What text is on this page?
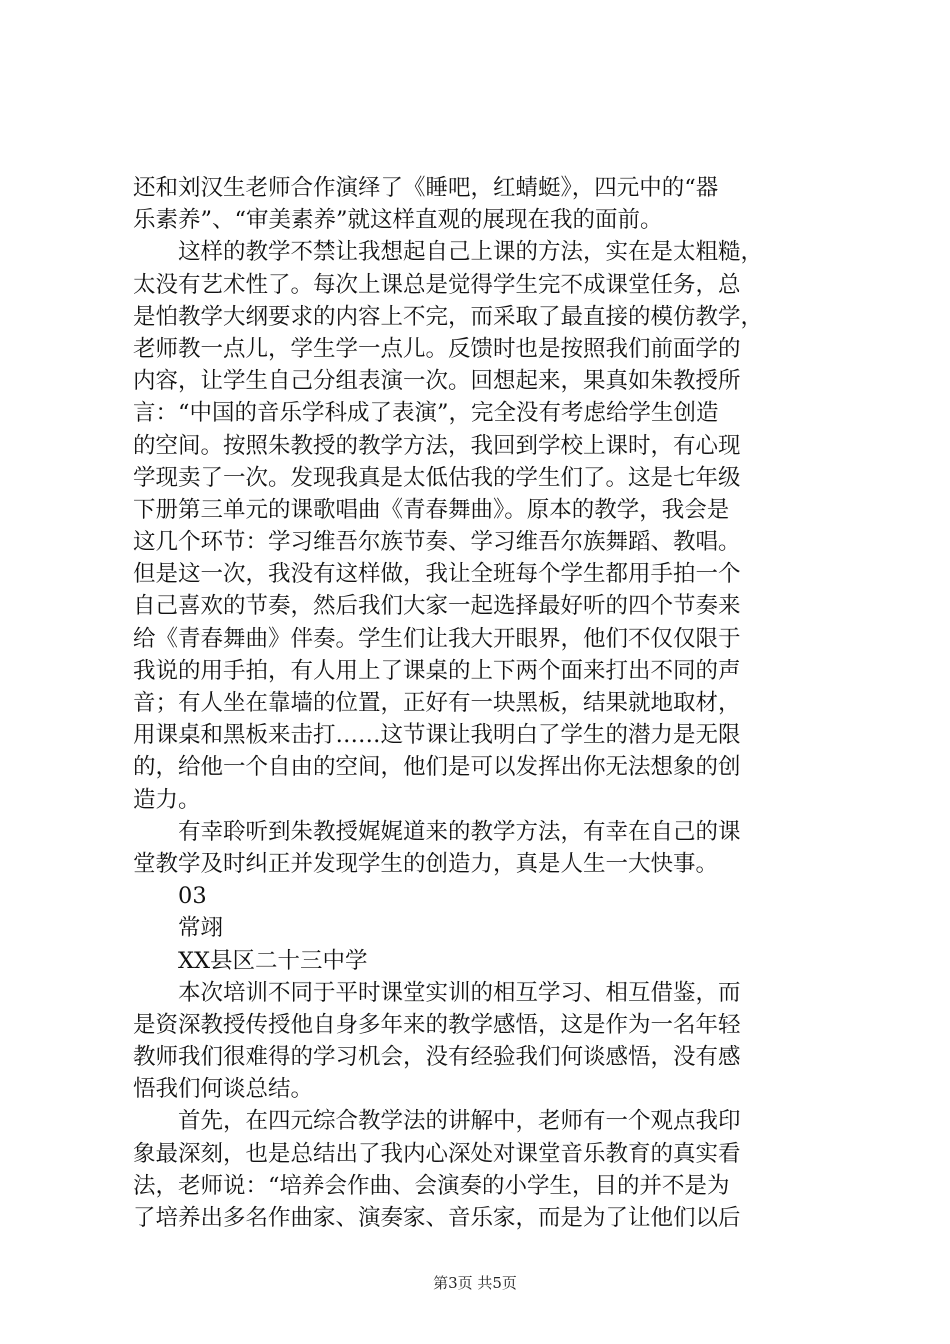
还和刘汉生老师合作演绎了《睡吧，红蜻蜓》，四元中的“器
乐素养”、“审美素养”就这样直观的展现在我的面前。
　　这样的教学不禁让我想起自己上课的方法，实在是太粗糙，
太没有艺术性了。每次上课总是觉得学生完不成课堂任务，总
是怕教学大纲要求的内容上不完，而采取了最直接的模仿教学，
老师教一点儿，学生学一点儿。反馈时也是按照我们前面学的
内容，让学生自己分组表演一次。回想起来，果真如朱教授所
言：“中国的音乐学科成了表演”，完全没有考虑给学生创造
的空间。按照朱教授的教学方法，我回到学校上课时，有心现
学现卖了一次。发现我真是太低估我的学生们了。这是七年级
下册第三单元的课歌唱曲《青春舞曲》。原本的教学，我会是
这几个环节：学习维吾尔族节奏、学习维吾尔族舞蹈、教唱。
但是这一次，我没有这样做，我让全班每个学生都用手拍一个
自己喜欢的节奏，然后我们大家一起选择最好听的四个节奏来
给《青春舞曲》伴奏。学生们让我大开眼界，他们不仅仅限于
我说的用手拍，有人用上了课桌的上下两个面来打出不同的声
音；有人坐在靠墙的位置，正好有一块黑板，结果就地取材，
用课桌和黑板来击打……这节课让我明白了学生的潜力是无限
的，给他一个自由的空间，他们是可以发挥出你无法想象的创
造力。
　　有幸聆听到朱教授娓娓道来的教学方法，有幸在自己的课
堂教学及时纠正并发现学生的创造力，真是人生一大快事。
　　03
　　常翊
　　XX县区二十三中学
　　本次培训不同于平时课堂实训的相互学习、相互借鉴，而
是资深教授传授他自身多年来的教学感悟，这是作为一名年轻
教师我们很难得的学习机会，没有经验我们何谈感悟，没有感
悟我们何谈总结。
　　首先，在四元综合教学法的讲解中，老师有一个观点我印
象最深刻，也是总结出了我内心深处对课堂音乐教育的真实看
法，老师说：“培养会作曲、会演奏的小学生，目的并不是为
了培养出多名作曲家、演奏家、音乐家，而是为了让他们以后
第3页 共5页
